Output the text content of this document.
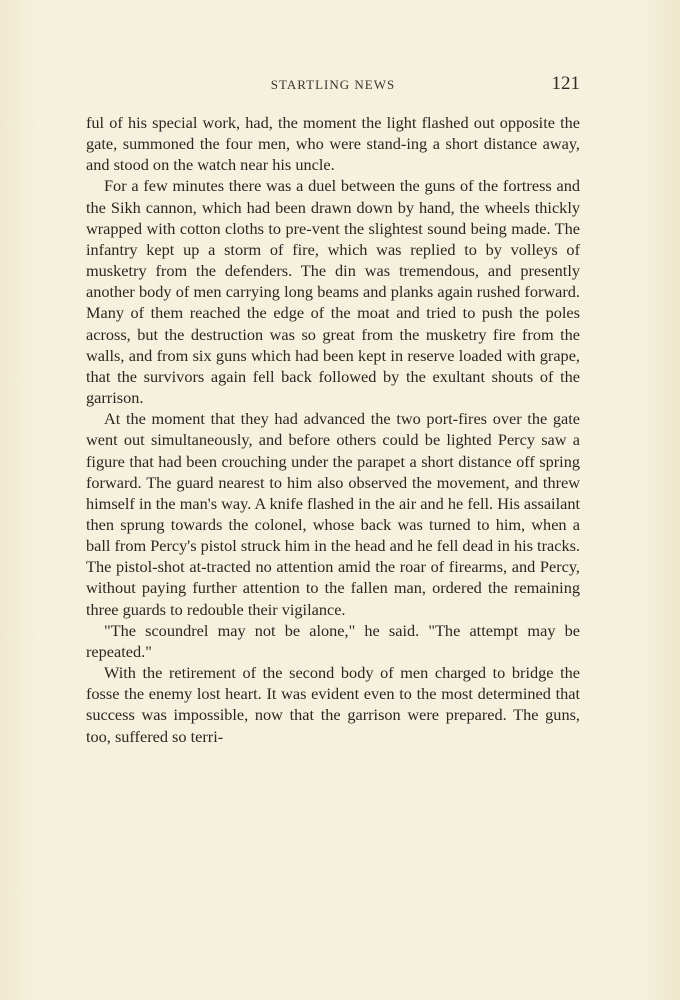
STARTLING NEWS	121

ful of his special work, had, the moment the light flashed out opposite the gate, summoned the four men, who were stand-ing a short distance away, and stood on the watch near his uncle.

For a few minutes there was a duel between the guns of the fortress and the Sikh cannon, which had been drawn down by hand, the wheels thickly wrapped with cotton cloths to pre-vent the slightest sound being made. The infantry kept up a storm of fire, which was replied to by volleys of musketry from the defenders. The din was tremendous, and presently another body of men carrying long beams and planks again rushed forward. Many of them reached the edge of the moat and tried to push the poles across, but the destruction was so great from the musketry fire from the walls, and from six guns which had been kept in reserve loaded with grape, that the survivors again fell back followed by the exultant shouts of the garrison.

At the moment that they had advanced the two port-fires over the gate went out simultaneously, and before others could be lighted Percy saw a figure that had been crouching under the parapet a short distance off spring forward. The guard nearest to him also observed the movement, and threw himself in the man's way. A knife flashed in the air and he fell. His assailant then sprung towards the colonel, whose back was turned to him, when a ball from Percy's pistol struck him in the head and he fell dead in his tracks. The pistol-shot at-tracted no attention amid the roar of firearms, and Percy, without paying further attention to the fallen man, ordered the remaining three guards to redouble their vigilance.

"The scoundrel may not be alone," he said. "The attempt may be repeated."

With the retirement of the second body of men charged to bridge the fosse the enemy lost heart. It was evident even to the most determined that success was impossible, now that the garrison were prepared. The guns, too, suffered so terri-
